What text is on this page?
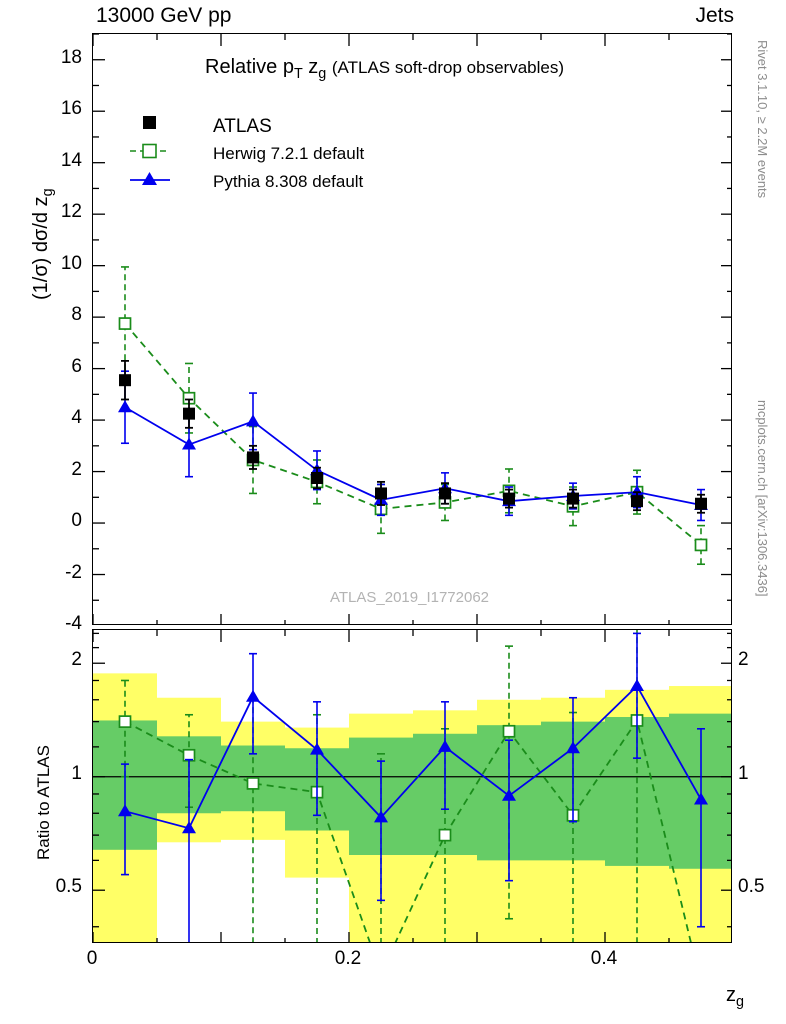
13000 GeV pp	Jets
Rivet 3.1.10, ≥ 2.2M events
mcplots.cern.ch [arXiv:1306.3436]
(1/σ) dσ/d $z_g$
Ratio to ATLAS
$z_g$
-4
-2
0
2
4
6
8
10
12
14
16
18	Relative $p_T$ $z_g$ (ATLAS soft-drop observables)
ATLAS
Herwig 7.2.1 default
Pythia 8.308 default
ATLAS_2019_I1772062
0.5
1
2
0.5
1
2
0	0.2	0.4
